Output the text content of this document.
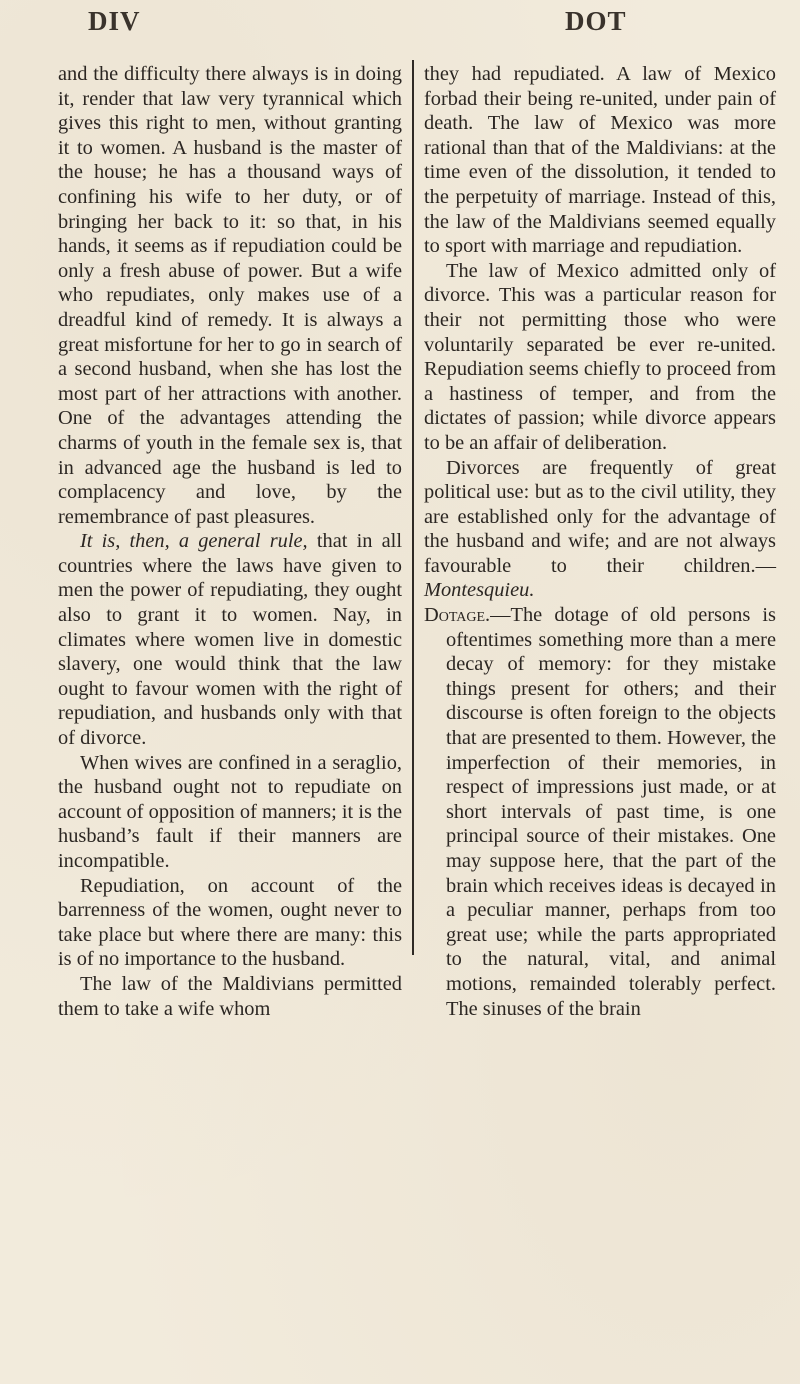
DIV	DOT

and the difficulty there always is in doing it, render that law very tyrannical which gives this right to men, without granting it to women. A husband is the master of the house; he has a thousand ways of confining his wife to her duty, or of bringing her back to it: so that, in his hands, it seems as if repudiation could be only a fresh abuse of power. But a wife who repudiates, only makes use of a dreadful kind of remedy. It is always a great misfortune for her to go in search of a second husband, when she has lost the most part of her attractions with another. One of the advantages attending the charms of youth in the female sex is, that in advanced age the husband is led to complacency and love, by the remembrance of past pleasures.

It is, then, a general rule, that in all countries where the laws have given to men the power of repudiating, they ought also to grant it to women. Nay, in climates where women live in domestic slavery, one would think that the law ought to favour women with the right of repudiation, and husbands only with that of divorce.

When wives are confined in a seraglio, the husband ought not to repudiate on account of opposition of manners; it is the husband’s fault if their manners are incompatible.

Repudiation, on account of the barrenness of the women, ought never to take place but where there are many: this is of no importance to the husband.

The law of the Maldivians permitted them to take a wife whom

they had repudiated. A law of Mexico forbad their being re-united, under pain of death. The law of Mexico was more rational than that of the Maldivians: at the time even of the dissolution, it tended to the perpetuity of marriage. Instead of this, the law of the Maldivians seemed equally to sport with marriage and repudiation.

The law of Mexico admitted only of divorce. This was a particular reason for their not permitting those who were voluntarily separated be ever re-united. Repudiation seems chiefly to proceed from a hastiness of temper, and from the dictates of passion; while divorce appears to be an affair of deliberation.

Divorces are frequently of great political use: but as to the civil utility, they are established only for the advantage of the husband and wife; and are not always favourable to their children.—Montesquieu.

Dotage.—The dotage of old persons is oftentimes something more than a mere decay of memory: for they mistake things present for others; and their discourse is often foreign to the objects that are presented to them. However, the imperfection of their memories, in respect of impressions just made, or at short intervals of past time, is one principal source of their mistakes. One may suppose here, that the part of the brain which receives ideas is decayed in a peculiar manner, perhaps from too great use; while the parts appropriated to the natural, vital, and animal motions, remainded tolerably perfect. The sinuses of the brain
